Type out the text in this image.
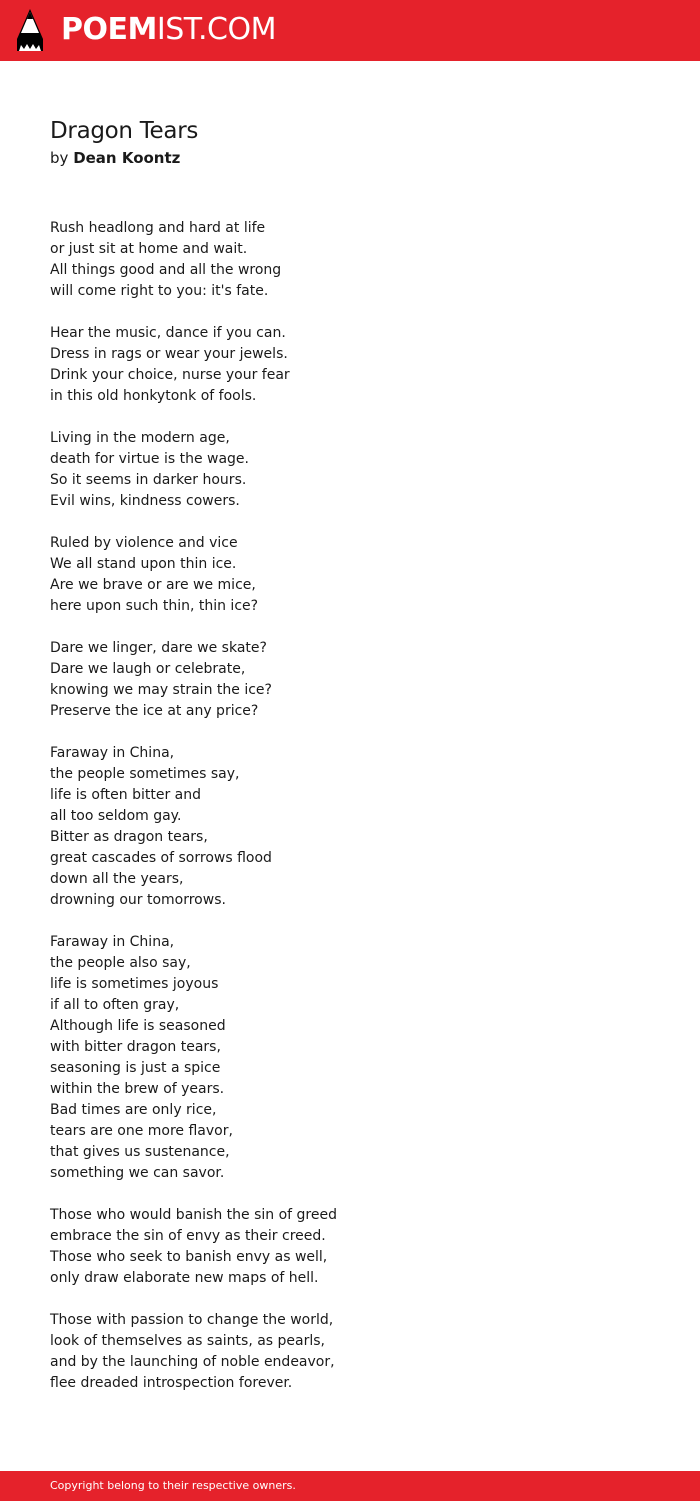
POEMIST.COM
Dragon Tears

by Dean Koontz

Rush headlong and hard at life
or just sit at home and wait.
All things good and all the wrong
will come right to you: it's fate.
Hear the music, dance if you can.
Dress in rags or wear your jewels.
Drink your choice, nurse your fear
in this old honkytonk of fools.
Living in the modern age,
death for virtue is the wage.
So it seems in darker hours.
Evil wins, kindness cowers.
Ruled by violence and vice
We all stand upon thin ice.
Are we brave or are we mice,
here upon such thin, thin ice?
Dare we linger, dare we skate?
Dare we laugh or celebrate,
knowing we may strain the ice?
Preserve the ice at any price?
Faraway in China,
the people sometimes say,
life is often bitter and
all too seldom gay.
Bitter as dragon tears,
great cascades of sorrows flood
down all the years,
drowning our tomorrows.
Faraway in China,
the people also say,
life is sometimes joyous
if all to often gray,
Although life is seasoned
with bitter dragon tears,
seasoning is just a spice
within the brew of years.
Bad times are only rice,
tears are one more flavor,
that gives us sustenance,
something we can savor.
Those who would banish the sin of greed
embrace the sin of envy as their creed.
Those who seek to banish envy as well,
only draw elaborate new maps of hell.
Those with passion to change the world,
look of themselves as saints, as pearls,
and by the launching of noble endeavor,
flee dreaded introspection forever.
Copyright belong to their respective owners.
